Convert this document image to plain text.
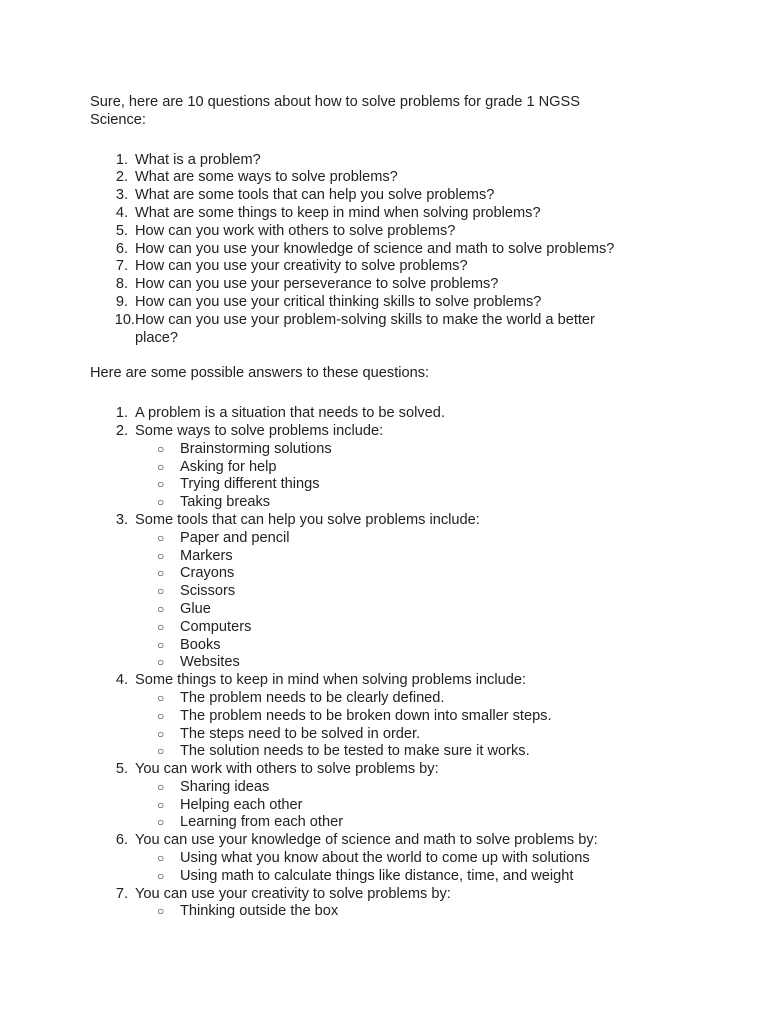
Sure, here are 10 questions about how to solve problems for grade 1 NGSS Science:

1. What is a problem?
2. What are some ways to solve problems?
3. What are some tools that can help you solve problems?
4. What are some things to keep in mind when solving problems?
5. How can you work with others to solve problems?
6. How can you use your knowledge of science and math to solve problems?
7. How can you use your creativity to solve problems?
8. How can you use your perseverance to solve problems?
9. How can you use your critical thinking skills to solve problems?
10. How can you use your problem-solving skills to make the world a better place?

Here are some possible answers to these questions:

1. A problem is a situation that needs to be solved.
2. Some ways to solve problems include:
○ Brainstorming solutions
○ Asking for help
○ Trying different things
○ Taking breaks
3. Some tools that can help you solve problems include:
○ Paper and pencil
○ Markers
○ Crayons
○ Scissors
○ Glue
○ Computers
○ Books
○ Websites
4. Some things to keep in mind when solving problems include:
○ The problem needs to be clearly defined.
○ The problem needs to be broken down into smaller steps.
○ The steps need to be solved in order.
○ The solution needs to be tested to make sure it works.
5. You can work with others to solve problems by:
○ Sharing ideas
○ Helping each other
○ Learning from each other
6. You can use your knowledge of science and math to solve problems by:
○ Using what you know about the world to come up with solutions
○ Using math to calculate things like distance, time, and weight
7. You can use your creativity to solve problems by:
○ Thinking outside the box
